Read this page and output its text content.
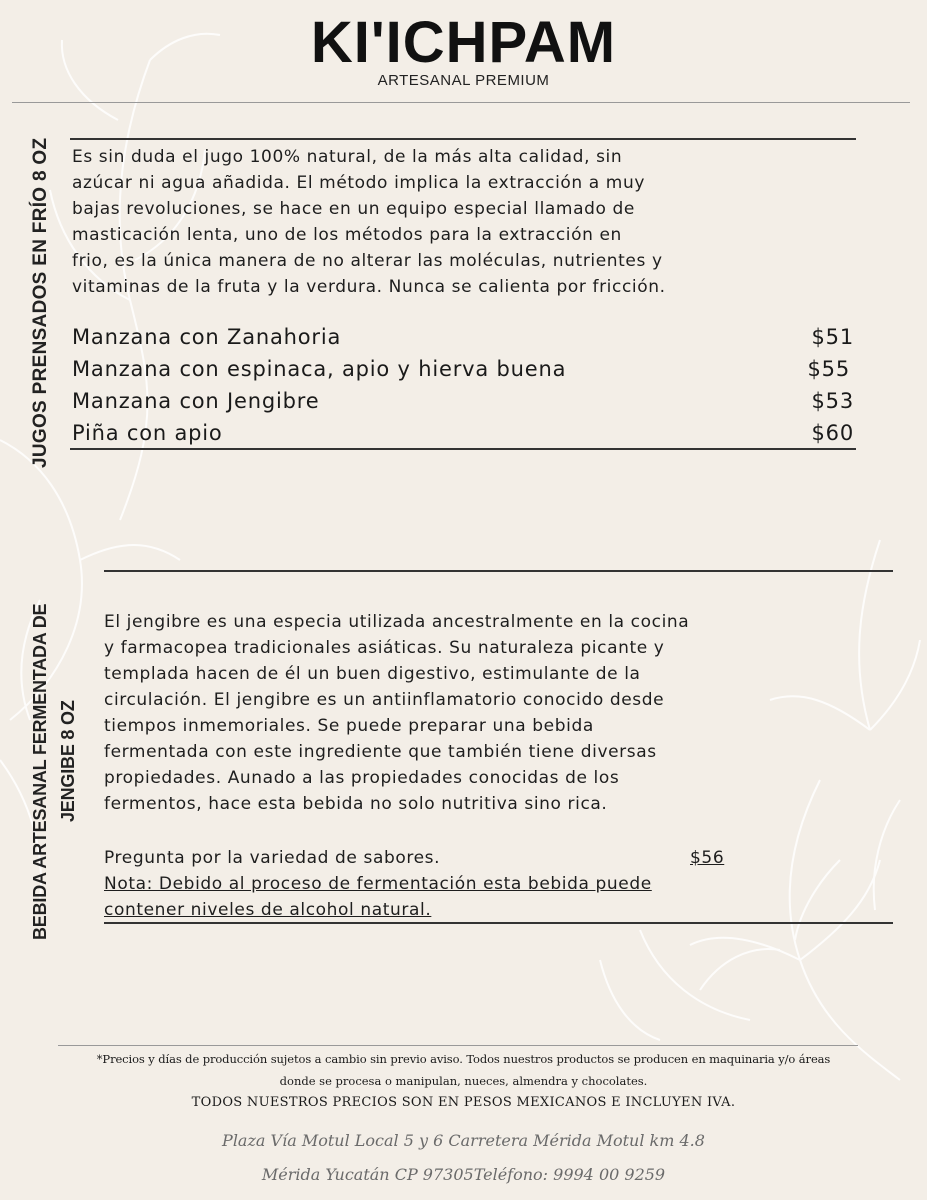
KI'ICHPAM
ARTESANAL PREMIUM
JUGOS PRENSADOS EN FRÍO 8 OZ Es sin duda el jugo 100% natural, de la más alta calidad, sin
azúcar ni agua añadida. El método implica la extracción a muy
bajas revoluciones, se hace en un equipo especial llamado de
masticación lenta, uno de los métodos para la extracción en
frio, es la única manera de no alterar las moléculas, nutrientes y
vitaminas de la fruta y la verdura. Nunca se calienta por fricción.
Manzana con Zanahoria	$51
Manzana con espinaca, apio y hierva buena	$55
Manzana con Jengibre	$53
Piña con apio	$60
BEBIDA ARTESANAL FERMENTADA DE JENGIBE 8 OZ
El jengibre es una especia utilizada ancestralmente en la cocina
y farmacopea tradicionales asiáticas. Su naturaleza picante y
templada hacen de él un buen digestivo, estimulante de la
circulación. El jengibre es un antiinflamatorio conocido desde
tiempos inmemoriales. Se puede preparar una bebida
fermentada con este ingrediente que también tiene diversas
propiedades. Aunado a las propiedades conocidas de los
fermentos, hace esta bebida no solo nutritiva sino rica.
Pregunta por la variedad de sabores.	$56
Nota: Debido al proceso de fermentación esta bebida puede
contener niveles de alcohol natural.
*Precios y días de producción sujetos a cambio sin previo aviso. Todos nuestros productos se producen en maquinaria y/o áreas
donde se procesa o manipulan, nueces, almendra y chocolates.
TODOS NUESTROS PRECIOS SON EN PESOS MEXICANOS E INCLUYEN IVA.
Plaza Vía Motul Local 5 y 6 Carretera Mérida Motul km 4.8
Mérida Yucatán CP 97305Teléfono: 9994 00 9259
